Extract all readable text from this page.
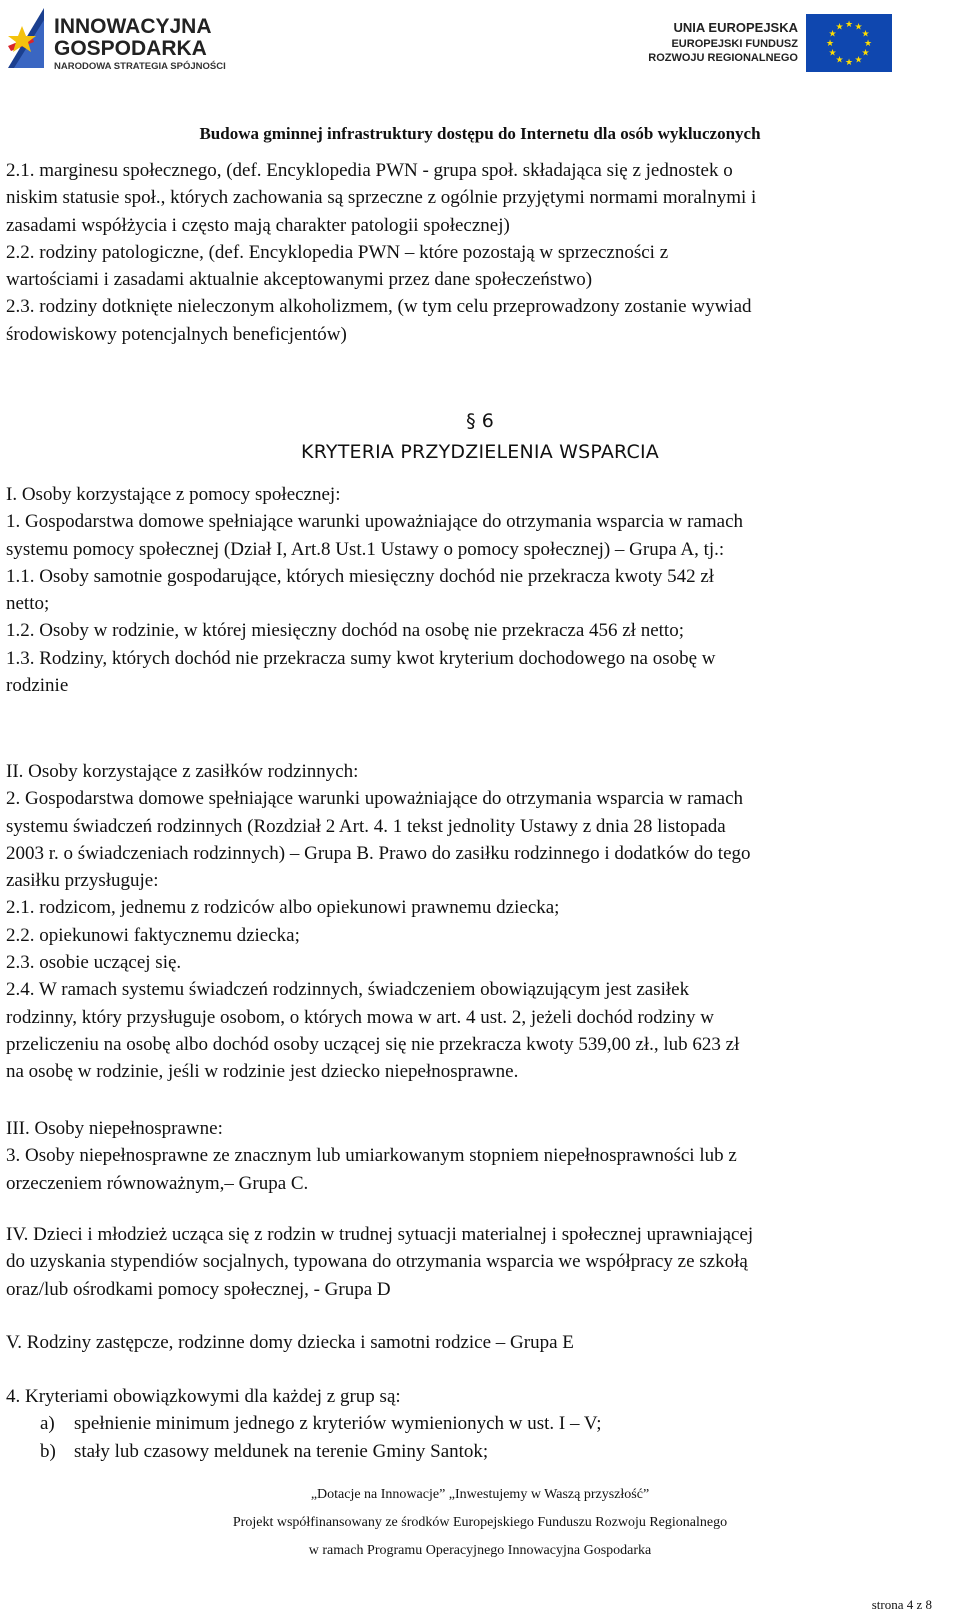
INNOWACYJNA
GOSPODARKA
NARODOWA STRATEGIA SPÓJNOŚCI
UNIA EUROPEJSKA
EUROPEJSKI FUNDUSZ
ROZWOJU REGIONALNEGO
★ ★
★
★
★
★
★
★
★
★
★
★
Budowa gminnej infrastruktury dostępu do Internetu dla osób wykluczonych

2.1. marginesu społecznego, (def. Encyklopedia PWN - grupa społ. składająca się z jednostek o

niskim statusie społ., których zachowania są sprzeczne z ogólnie przyjętymi normami moralnymi i

zasadami współżycia i często mają charakter patologii społecznej)

2.2. rodziny patologiczne, (def. Encyklopedia PWN – które pozostają w sprzeczności z

wartościami i zasadami aktualnie akceptowanymi przez dane społeczeństwo)

2.3. rodziny dotknięte nieleczonym alkoholizmem, (w tym celu przeprowadzony zostanie wywiad

środowiskowy potencjalnych beneficjentów)

§ 6
KRYTERIA PRZYDZIELENIA WSPARCIA

I. Osoby korzystające z pomocy społecznej:

1. Gospodarstwa domowe spełniające warunki upoważniające do otrzymania wsparcia w ramach

systemu pomocy społecznej (Dział I, Art.8 Ust.1 Ustawy o pomocy społecznej) – Grupa A, tj.:

1.1. Osoby samotnie gospodarujące, których miesięczny dochód nie przekracza kwoty 542 zł

netto;

1.2. Osoby w rodzinie, w której miesięczny dochód na osobę nie przekracza 456 zł netto;

1.3. Rodziny, których dochód nie przekracza sumy kwot kryterium dochodowego na osobę w

rodzinie

II. Osoby korzystające z zasiłków rodzinnych:

2. Gospodarstwa domowe spełniające warunki upoważniające do otrzymania wsparcia w ramach

systemu świadczeń rodzinnych (Rozdział 2 Art. 4. 1 tekst jednolity Ustawy z dnia 28 listopada

2003 r. o świadczeniach rodzinnych) – Grupa B. Prawo do zasiłku rodzinnego i dodatków do tego

zasiłku przysługuje:

2.1. rodzicom, jednemu z rodziców albo opiekunowi prawnemu dziecka;

2.2. opiekunowi faktycznemu dziecka;

2.3. osobie uczącej się.

2.4. W ramach systemu świadczeń rodzinnych, świadczeniem obowiązującym jest zasiłek

rodzinny, który przysługuje osobom, o których mowa w art. 4 ust. 2, jeżeli dochód rodziny w

przeliczeniu na osobę albo dochód osoby uczącej się nie przekracza kwoty 539,00 zł., lub 623 zł

na osobę w rodzinie, jeśli w rodzinie jest dziecko niepełnosprawne.

III. Osoby niepełnosprawne:

3. Osoby niepełnosprawne ze znacznym lub umiarkowanym stopniem niepełnosprawności lub z

orzeczeniem równoważnym,– Grupa C.

IV. Dzieci i młodzież ucząca się z rodzin w trudnej sytuacji materialnej i społecznej uprawniającej

do uzyskania stypendiów socjalnych, typowana do otrzymania wsparcia we współpracy ze szkołą

oraz/lub ośrodkami pomocy społecznej, - Grupa D

V. Rodziny zastępcze, rodzinne domy dziecka i samotni rodzice – Grupa E

4. Kryteriami obowiązkowymi dla każdej z grup są:

a)	spełnienie minimum jednego z kryteriów wymienionych w ust. I – V;
b) stały lub czasowy meldunek na terenie Gminy Santok;
„Dotacje na Innowacje” „Inwestujemy w Waszą przyszłość”
Projekt współfinansowany ze środków Europejskiego Funduszu Rozwoju Regionalnego
w ramach Programu Operacyjnego Innowacyjna Gospodarka
strona 4 z 8
